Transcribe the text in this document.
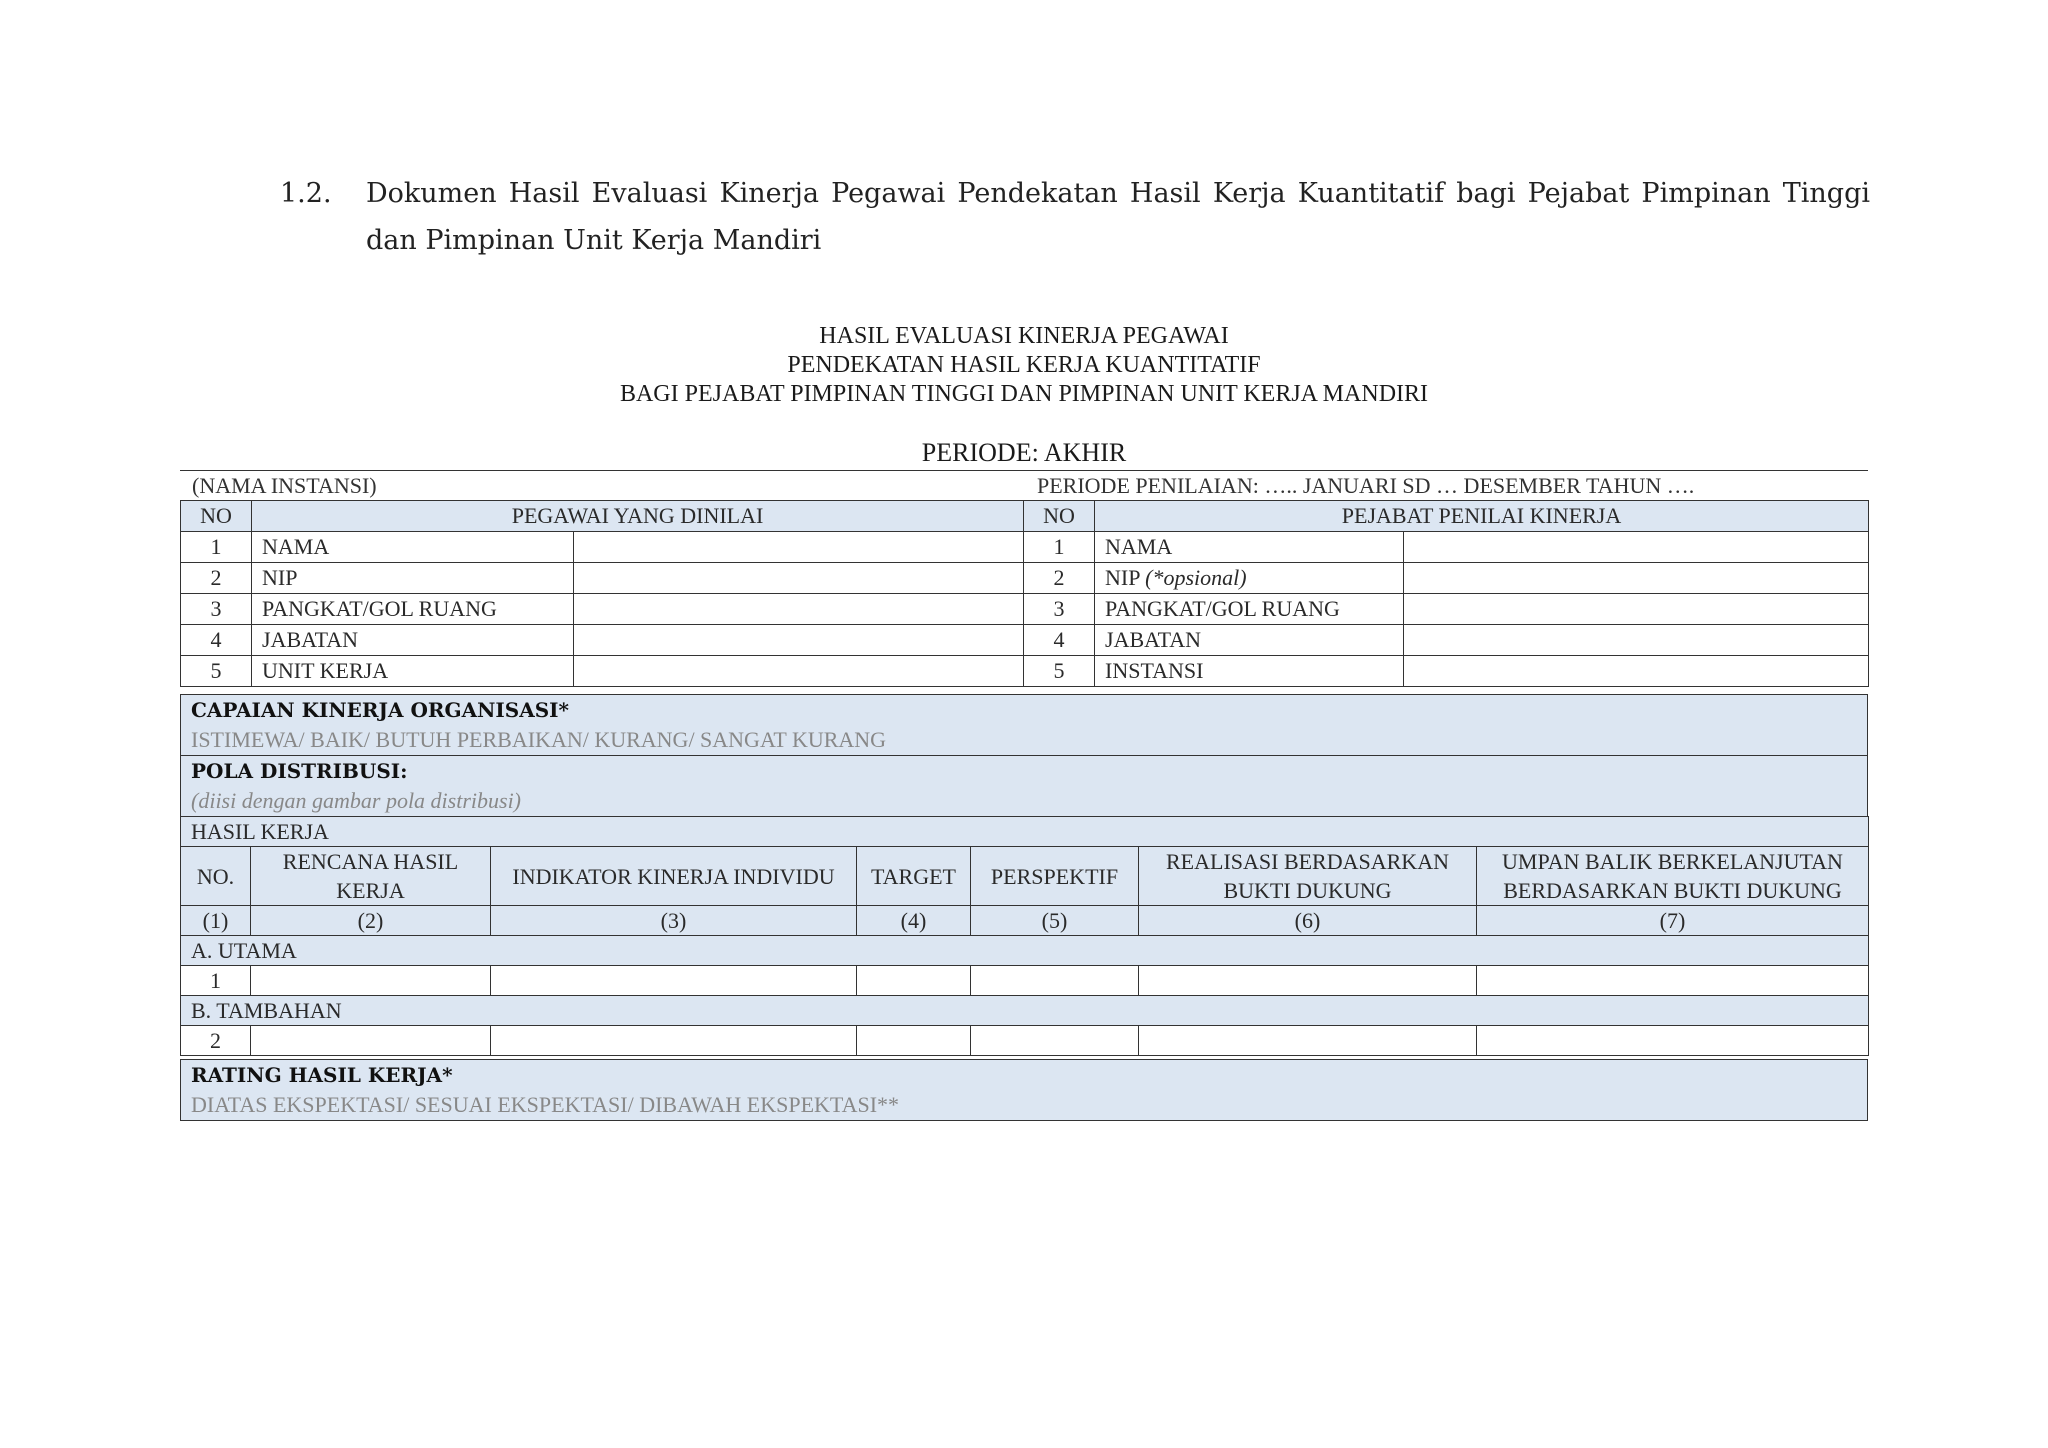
1.2. Dokumen Hasil Evaluasi Kinerja Pegawai Pendekatan Hasil Kerja Kuantitatif bagi Pejabat Pimpinan Tinggi dan Pimpinan Unit Kerja Mandiri
HASIL EVALUASI KINERJA PEGAWAI
PENDEKATAN HASIL KERJA KUANTITATIF
BAGI PEJABAT PIMPINAN TINGGI DAN PIMPINAN UNIT KERJA MANDIRI
PERIODE: AKHIR
(NAMA INSTANSI)	PERIODE PENILAIAN: ….. JANUARI SD … DESEMBER TAHUN ….
NO	PEGAWAI YANG DINILAI		NO	PEJABAT PENILAI KINERJA	
1	NAMA		1	NAMA	
2	NIP		2	NIP (*opsional)	
3	PANGKAT/GOL RUANG		3	PANGKAT/GOL RUANG	
4	JABATAN		4	JABATAN	
5	UNIT KERJA		5	INSTANSI	
CAPAIAN KINERJA ORGANISASI*
ISTIMEWA/ BAIK/ BUTUH PERBAIKAN/ KURANG/ SANGAT KURANG

POLA DISTRIBUSI:
(diisi dengan gambar pola distribusi)
HASIL KERJA						
NO.	RENCANA HASIL KERJA	INDIKATOR KINERJA INDIVIDU	TARGET	PERSPEKTIF	REALISASI BERDASARKAN BUKTI DUKUNG	UMPAN BALIK BERKELANJUTAN BERDASARKAN BUKTI DUKUNG
(1)	(2)	(3)	(4)	(5)	(6)	(7)
A. UTAMA						
1						
B. TAMBAHAN						
2						
RATING HASIL KERJA*
DIATAS EKSPEKTASI/ SESUAI EKSPEKTASI/ DIBAWAH EKSPEKTASI**
